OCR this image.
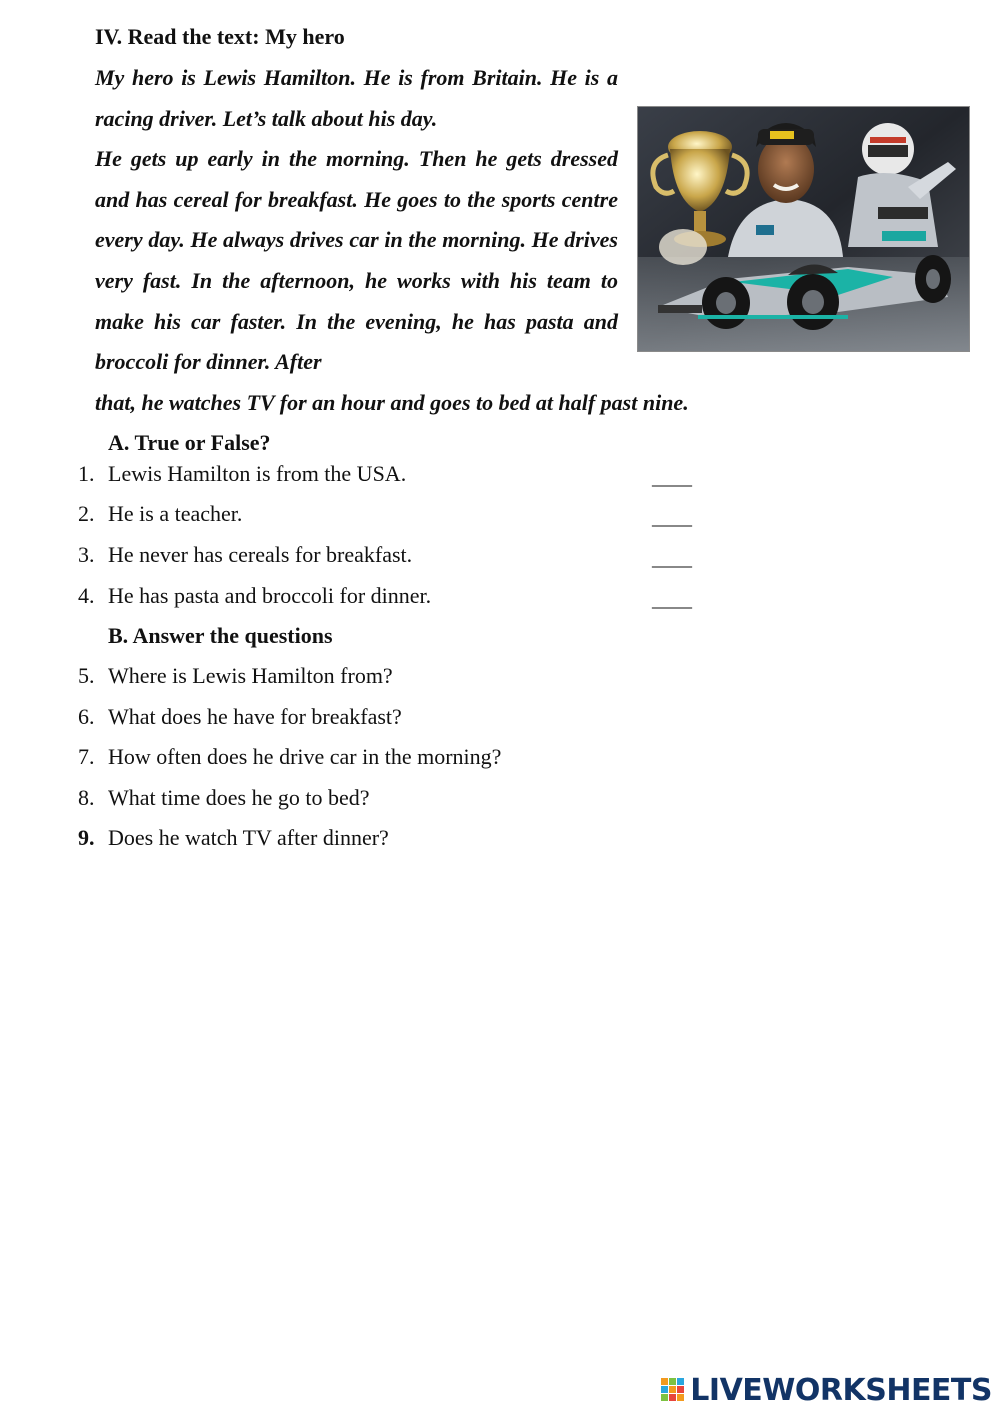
IV. Read the text: My hero

My hero is Lewis Hamilton. He is from Britain. He is a racing driver. Let’s talk about his day.

He gets up early in the morning. Then he gets dressed and has cereal for breakfast. He goes to the sports centre every day. He always drives car in the morning. He drives very fast. In the afternoon, he works with his team to make his car faster. In the evening, he has pasta and broccoli for dinner. After

that, he watches TV for an hour and goes to bed at half past nine.

A. True or False?
1. Lewis Hamilton is from the USA.	____
2. He is a teacher.	____
3. He never has cereals for breakfast.	____
4. He has pasta and broccoli for dinner.	____
B. Answer the questions
5. Where is Lewis Hamilton from?
6. What does he have for breakfast?
7. How often does he drive car in the morning?
8. What time does he go to bed?
9. Does he watch TV after dinner?
LIVEWORKSHEETS
